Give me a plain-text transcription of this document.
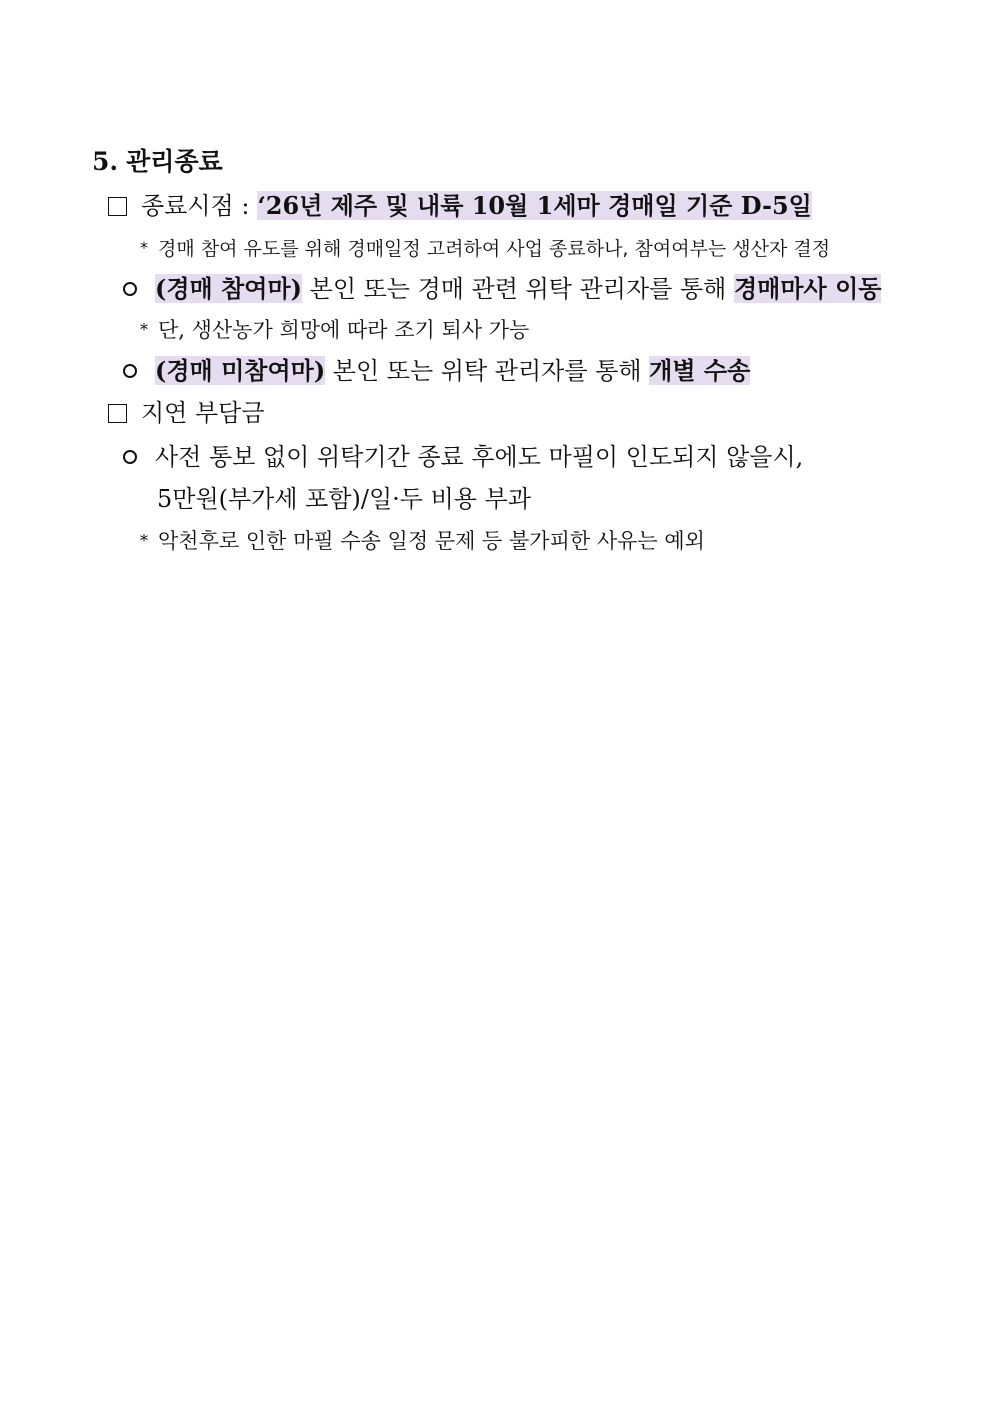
5. 관리종료
종료시점 : ‘26년 제주 및 내륙 10월 1세마 경매일 기준 D-5일
* 경매 참여 유도를 위해 경매일정 고려하여 사업 종료하나, 참여여부는 생산자 결정
(경매 참여마) 본인 또는 경매 관련 위탁 관리자를 통해 경매마사 이동
* 단, 생산농가 희망에 따라 조기 퇴사 가능
(경매 미참여마) 본인 또는 위탁 관리자를 통해 개별 수송
지연 부담금
사전 통보 없이 위탁기간 종료 후에도 마필이 인도되지 않을시,
5만원(부가세 포함)/일·두 비용 부과
* 악천후로 인한 마필 수송 일정 문제 등 불가피한 사유는 예외
